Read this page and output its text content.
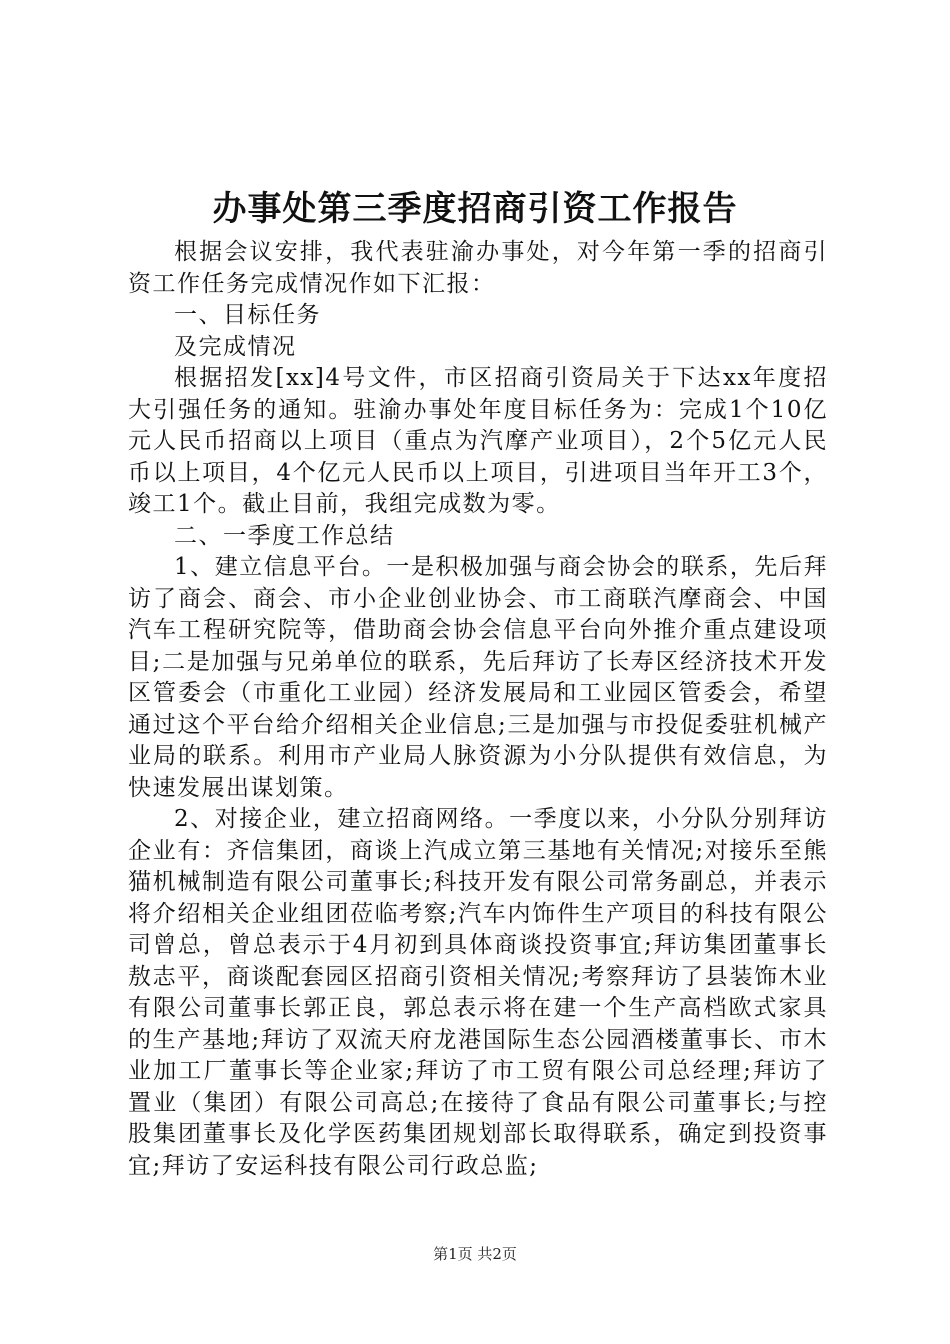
办事处第三季度招商引资工作报告

根据会议安排，我代表驻渝办事处，对今年第一季的招商引资工作任务完成情况作如下汇报：

一、目标任务

及完成情况

根据招发[xx]4号文件，市区招商引资局关于下达xx年度招大引强任务的通知。驻渝办事处年度目标任务为：完成1个10亿元人民币招商以上项目（重点为汽摩产业项目），2个5亿元人民币以上项目，4个亿元人民币以上项目，引进项目当年开工3个，竣工1个。截止目前，我组完成数为零。

二、一季度工作总结

1、建立信息平台。一是积极加强与商会协会的联系，先后拜访了商会、商会、市小企业创业协会、市工商联汽摩商会、中国汽车工程研究院等，借助商会协会信息平台向外推介重点建设项目;二是加强与兄弟单位的联系，先后拜访了长寿区经济技术开发区管委会（市重化工业园）经济发展局和工业园区管委会，希望通过这个平台给介绍相关企业信息;三是加强与市投促委驻机械产业局的联系。利用市产业局人脉资源为小分队提供有效信息，为快速发展出谋划策。

2、对接企业，建立招商网络。一季度以来，小分队分别拜访企业有：齐信集团，商谈上汽成立第三基地有关情况;对接乐至熊猫机械制造有限公司董事长;科技开发有限公司常务副总，并表示将介绍相关企业组团莅临考察;汽车内饰件生产项目的科技有限公司曾总，曾总表示于4月初到具体商谈投资事宜;拜访集团董事长敖志平，商谈配套园区招商引资相关情况;考察拜访了县装饰木业有限公司董事长郭正良，郭总表示将在建一个生产高档欧式家具的生产基地;拜访了双流天府龙港国际生态公园酒楼董事长、市木业加工厂董事长等企业家;拜访了市工贸有限公司总经理;拜访了置业（集团）有限公司高总;在接待了食品有限公司董事长;与控股集团董事长及化学医药集团规划部长取得联系，确定到投资事宜;拜访了安运科技有限公司行政总监;

第1页 共2页
